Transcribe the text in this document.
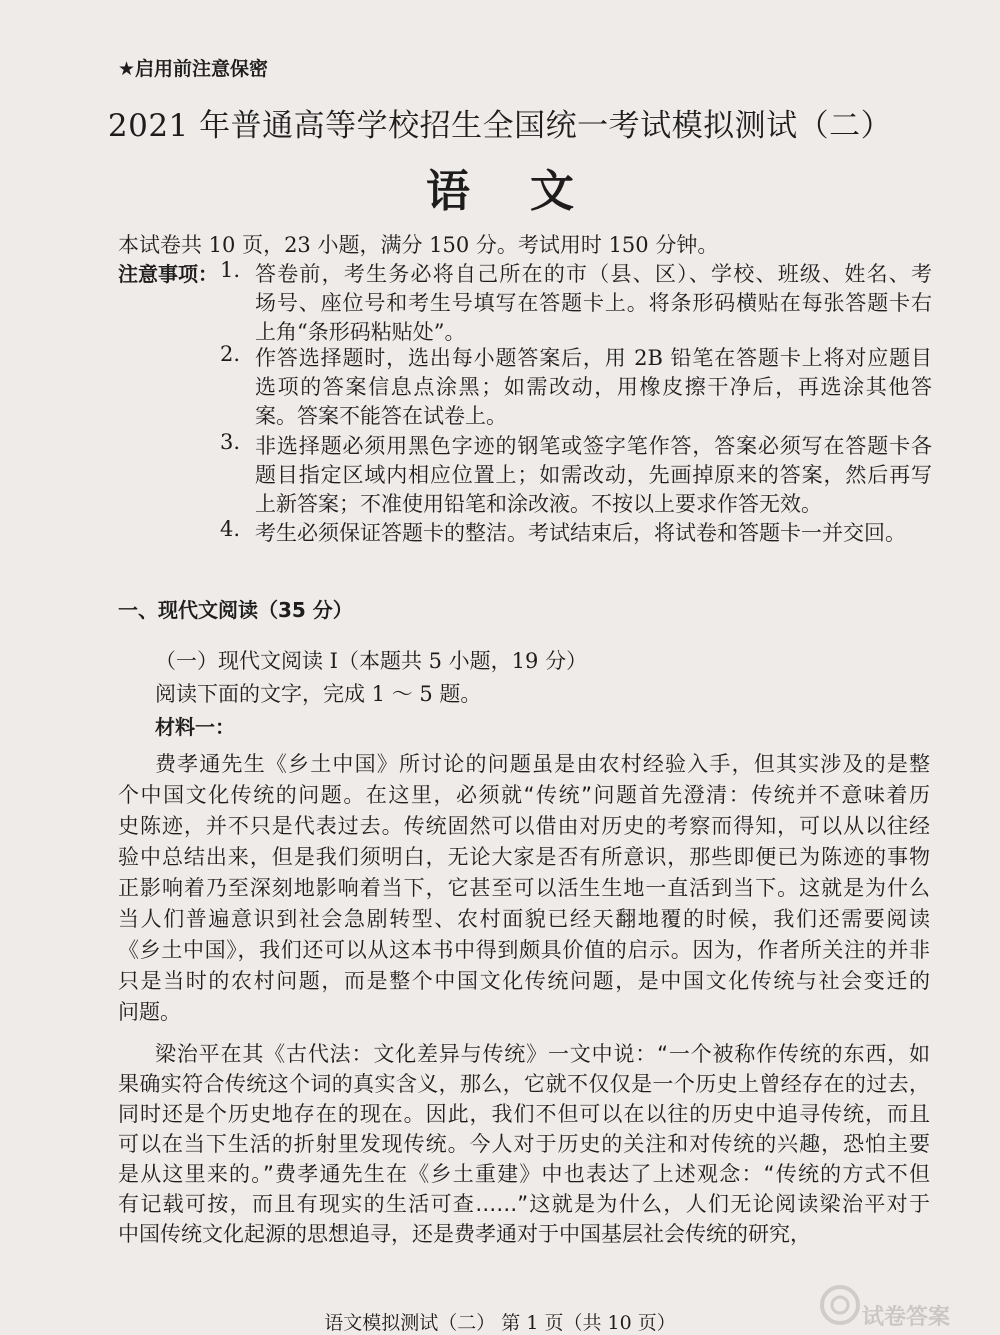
★启用前注意保密
2021 年普通高等学校招生全国统一考试模拟测试（二）
语 文
本试卷共 10 页，23 小题，满分 150 分。考试用时 150 分钟。
注意事项： 1. 答卷前，考生务必将自己所在的市（县、区）、学校、班级、姓名、考
场号、座位号和考生号填写在答题卡上。将条形码横贴在每张答题卡右
上角“条形码粘贴处”。
2. 作答选择题时，选出每小题答案后，用 2B 铅笔在答题卡上将对应题目
选项的答案信息点涂黑；如需改动，用橡皮擦干净后，再选涂其他答
案。答案不能答在试卷上。
3. 非选择题必须用黑色字迹的钢笔或签字笔作答，答案必须写在答题卡各
题目指定区域内相应位置上；如需改动，先画掉原来的答案，然后再写
上新答案；不准使用铅笔和涂改液。不按以上要求作答无效。
4. 考生必须保证答题卡的整洁。考试结束后，将试卷和答题卡一并交回。
一、现代文阅读（35 分）
（一）现代文阅读 I（本题共 5 小题，19 分）
阅读下面的文字，完成 1 ～ 5 题。
材料一：
费孝通先生《乡土中国》所讨论的问题虽是由农村经验入手，但其实涉及的是整
个中国文化传统的问题。在这里，必须就“传统”问题首先澄清：传统并不意味着历
史陈迹，并不只是代表过去。传统固然可以借由对历史的考察而得知，可以从以往经
验中总结出来，但是我们须明白，无论大家是否有所意识，那些即便已为陈迹的事物
正影响着乃至深刻地影响着当下，它甚至可以活生生地一直活到当下。这就是为什么
当人们普遍意识到社会急剧转型、农村面貌已经天翻地覆的时候，我们还需要阅读
《乡土中国》，我们还可以从这本书中得到颇具价值的启示。因为，作者所关注的并非
只是当时的农村问题，而是整个中国文化传统问题，是中国文化传统与社会变迁的
问题。
梁治平在其《古代法：文化差异与传统》一文中说：“一个被称作传统的东西，如
果确实符合传统这个词的真实含义，那么，它就不仅仅是一个历史上曾经存在的过去，
同时还是个历史地存在的现在。因此，我们不但可以在以往的历史中追寻传统，而且
可以在当下生活的折射里发现传统。今人对于历史的关注和对传统的兴趣，恐怕主要
是从这里来的。”费孝通先生在《乡土重建》中也表达了上述观念：“传统的方式不但
有记载可按，而且有现实的生活可查……”这就是为什么，人们无论阅读梁治平对于
中国传统文化起源的思想追寻，还是费孝通对于中国基层社会传统的研究，
语文模拟测试（二） 第 1 页（共 10 页）	试卷答案
